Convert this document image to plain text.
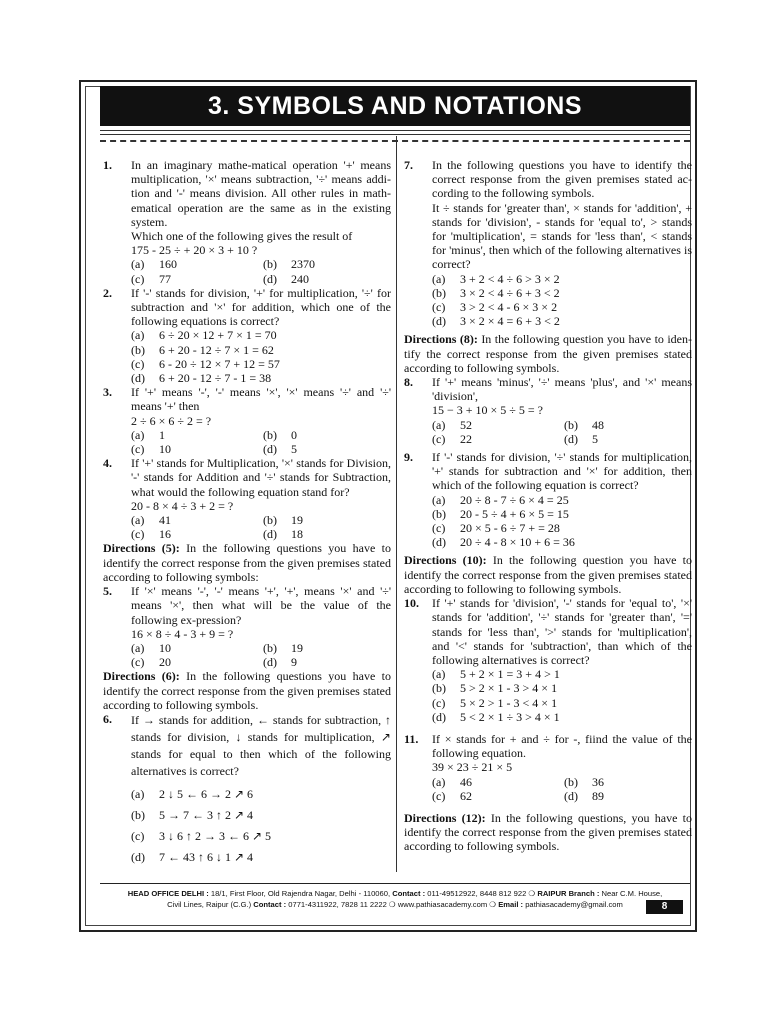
3. SYMBOLS AND NOTATIONS
1. In an imaginary mathe-matical operation '+' means multiplication, '×' means subtraction, '÷' means addi-tion and '-' means division. All other rules in math-ematical operation are the same as in the existing system.
Which one of the following gives the result of
175 - 25 ÷ + 20 × 3 + 10 ?
(a)	160	(b)	2370
(c)	77	(d)	240
2. If '-' stands for division, '+' for multiplication, '÷' for subtraction and '×' for addition, which one of the following equations is correct?
(a)	6 ÷ 20 × 12 + 7 × 1 = 70
(b)	6 + 20 - 12 ÷ 7 × 1 = 62
(c)	6 - 20 ÷ 12 × 7 + 12 = 57
(d)	6 + 20 - 12 ÷ 7 - 1 = 38
3. If '+' means '-', '-' means '×', '×' means '÷' and '÷' means '+' then
2 ÷ 6 × 6 ÷ 2 = ?
(a)	1	(b)	0
(c)	10	(d)	5
4. If '+' stands for Multiplication, '×' stands for Division, '-' stands for Addition and '÷' stands for Subtraction, what would the following equation stand for?
20 - 8 × 4 ÷ 3 + 2 = ?
(a)	41	(b)	19
(c)	16	(d)	18
Directions (5): In the following questions you have to identify the correct response from the given premises stated according to following symbols:
5. If '×' means '-', '-' means '+', '+', means '×' and '÷' means '×', then what will be the value of the following ex-pression?
16 × 8 ÷ 4 - 3 + 9 = ?
(a)	10	(b)	19
(c)	20	(d)	9
Directions (6): In the following questions you have to identify the correct response from the given premises stated according to following symbols.
6. If → stands for addition, ← stands for subtraction, ↑ stands for division, ↓ stands for multiplication, ↗ stands for equal to then which of the following alternatives is correct?
(a)	2 ↓ 5 ← 6 → 2 ↗ 6
(b)	5 → 7 ← 3 ↑ 2 ↗ 4
(c)	3 ↓ 6 ↑ 2 → 3 ← 6 ↗ 5
(d)	7 ← 43 ↑ 6 ↓ 1 ↗ 4
7. In the following questions you have to identify the correct response from the given premises stated ac-cording to the following symbols.
It ÷ stands for 'greater than', × stands for 'addition', + stands for 'division', - stands for 'equal to', > stands for 'multiplication', = stands for 'less than', < stands for 'minus', then which of the following alternatives is correct?
(a)	3 + 2 < 4 ÷ 6 > 3 × 2
(b)	3 × 2 < 4 ÷ 6 + 3 < 2
(c)	3 > 2 < 4 - 6 × 3 × 2
(d)	3 × 2 × 4 = 6 + 3 < 2
Directions (8): In the following question you have to iden-tify the correct response from the given premises stated according to following symbols.
8. If '+' means 'minus', '÷' means 'plus', and '×' means 'division',
15 − 3 + 10 × 5 ÷ 5 = ?
(a)	52	(b)	48
(c)	22	(d)	5
9. If '-' stands for division, '÷' stands for multiplication, '+' stands for subtraction and '×' for addition, then which of the following equation is correct?
(a)	20 ÷ 8 - 7 ÷ 6 × 4 = 25
(b)	20 - 5 ÷ 4 + 6 × 5 = 15
(c)	20 × 5 - 6 ÷ 7 + = 28
(d)	20 ÷ 4 - 8 × 10 + 6 = 36
Directions (10): In the following question you have to identify the correct response from the given premises stated according to following to following symbols.
10. If '+' stands for 'division', '-' stands for 'equal to', '×' stands for 'addition', '÷' stands for 'greater than', '=' stands for 'less than', '>' stands for 'multiplication', and '<' stands for 'subtraction', than which of the following alternatives is correct?
(a)	5 + 2 × 1 = 3 + 4 > 1
(b)	5 > 2 × 1 - 3 > 4 × 1
(c)	5 × 2 > 1 - 3 < 4 × 1
(d)	5 < 2 × 1 ÷ 3 > 4 × 1
11. If × stands for + and ÷ for -, fiind the value of the following equation.
39 × 23 ÷ 21 × 5
(a)	46	(b)	36
(c)	62	(d)	89
Directions (12): In the following questions, you have to identify the correct response from the given premises stated according to following symbols.
HEAD OFFICE DELHI : 18/1, First Floor, Old Rajendra Nagar, Delhi - 110060, Contact : 011-49512922, 8448 812 922 ❍ RAIPUR Branch : Near C.M. House,
Civil Lines, Raipur (C.G.) Contact : 0771-4311922, 7828 11 2222 ❍ www.pathiasacademy.com ❍ Email : pathiasacademy@gmail.com	8
